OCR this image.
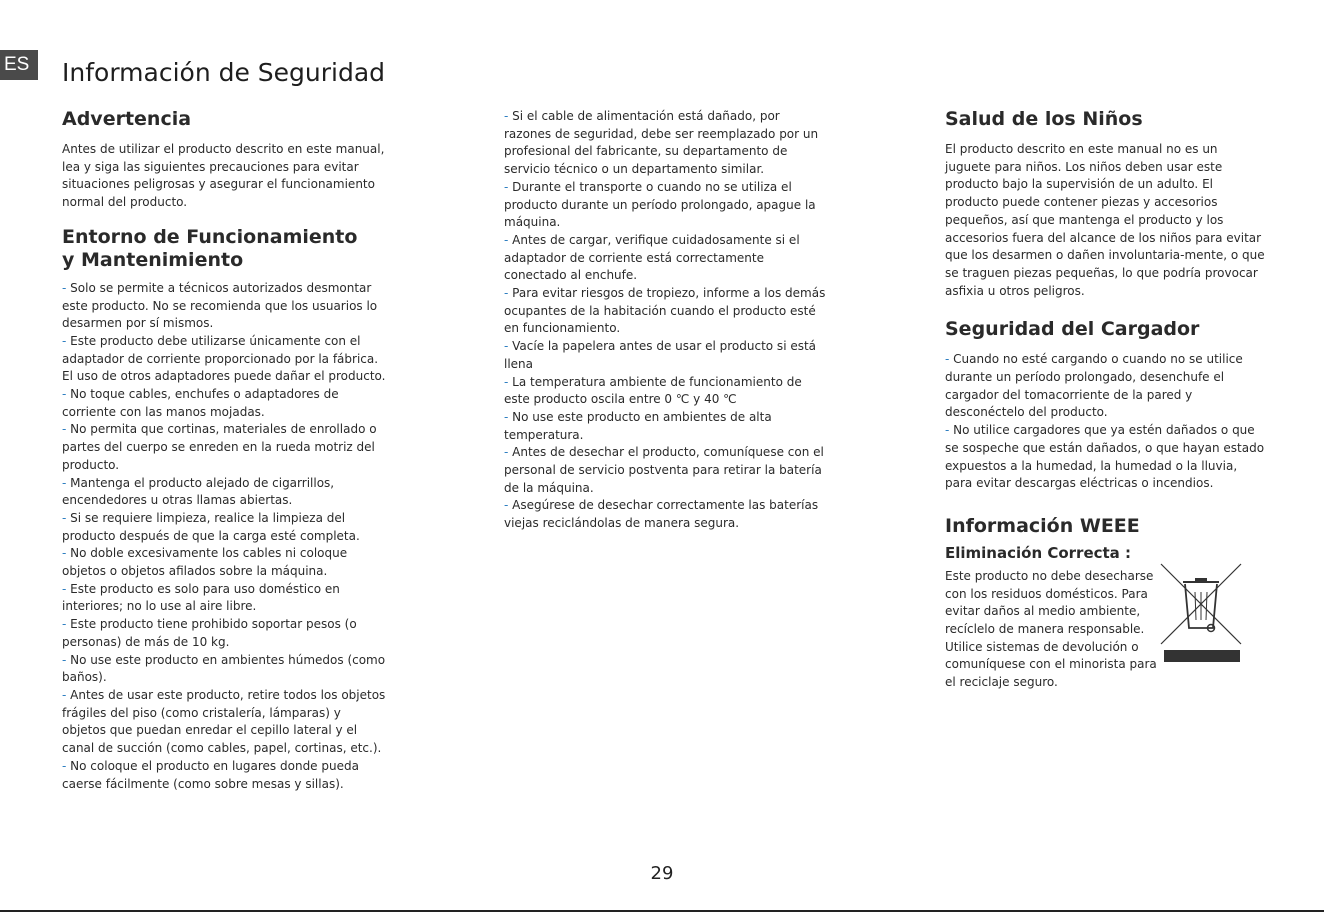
ES	Información de Seguridad
Advertencia

Antes de utilizar el producto descrito en este manual, lea y siga las siguientes precauciones para evitar situaciones peligrosas y asegurar el funcionamiento normal del producto.

Entorno de Funcionamiento
y Mantenimiento

- Solo se permite a técnicos autorizados desmontar este producto. No se recomienda que los usuarios lo desarmen por sí mismos.

- Este producto debe utilizarse únicamente con el adaptador de corriente proporcionado por la fábrica. El uso de otros adaptadores puede dañar el producto.

- No toque cables, enchufes o adaptadores de corriente con las manos mojadas.

- No permita que cortinas, materiales de enrollado o partes del cuerpo se enreden en la rueda motriz del producto.

- Mantenga el producto alejado de cigarrillos, encendedores u otras llamas abiertas.

- Si se requiere limpieza, realice la limpieza del producto después de que la carga esté completa.

- No doble excesivamente los cables ni coloque objetos o objetos afilados sobre la máquina.

- Este producto es solo para uso doméstico en interiores; no lo use al aire libre.

- Este producto tiene prohibido soportar pesos (o personas) de más de 10 kg.

- No use este producto en ambientes húmedos (como baños).

- Antes de usar este producto, retire todos los objetos frágiles del piso (como cristalería, lámparas) y objetos que puedan enredar el cepillo lateral y el canal de succión (como cables, papel, cortinas, etc.).

- No coloque el producto en lugares donde pueda caerse fácilmente (como sobre mesas y sillas).

- Si el cable de alimentación está dañado, por razones de seguridad, debe ser reemplazado por un profesional del fabricante, su departamento de servicio técnico o un departamento similar.

- Durante el transporte o cuando no se utiliza el producto durante un período prolongado, apague la máquina.

- Antes de cargar, verifique cuidadosamente si el adaptador de corriente está correctamente conectado al enchufe.

- Para evitar riesgos de tropiezo, informe a los demás ocupantes de la habitación cuando el producto esté en funcionamiento.

- Vacíe la papelera antes de usar el producto si está llena

- La temperatura ambiente de funcionamiento de este producto oscila entre 0 ℃ y 40 ℃

- No use este producto en ambientes de alta temperatura.

- Antes de desechar el producto, comuníquese con el personal de servicio postventa para retirar la batería de la máquina.

- Asegúrese de desechar correctamente las baterías viejas reciclándolas de manera segura.

Salud de los Niños

El producto descrito en este manual no es un juguete para niños. Los niños deben usar este producto bajo la supervisión de un adulto. El producto puede contener piezas y accesorios pequeños, así que mantenga el producto y los accesorios fuera del alcance de los niños para evitar que los desarmen o dañen involuntaria-mente, o que se traguen piezas pequeñas, lo que podría provocar asfixia u otros peligros.

Seguridad del Cargador

- Cuando no esté cargando o cuando no se utilice durante un período prolongado, desenchufe el cargador del tomacorriente de la pared y desconéctelo del producto.

- No utilice cargadores que ya estén dañados o que se sospeche que están dañados, o que hayan estado expuestos a la humedad, la humedad o la lluvia, para evitar descargas eléctricas o incendios.

Información WEEE
Eliminación Correcta :

Este producto no debe desecharse con los residuos domésticos. Para evitar daños al medio ambiente, recíclelo de manera responsable. Utilice sistemas de devolución o comuníquese con el minorista para el reciclaje seguro.

29
